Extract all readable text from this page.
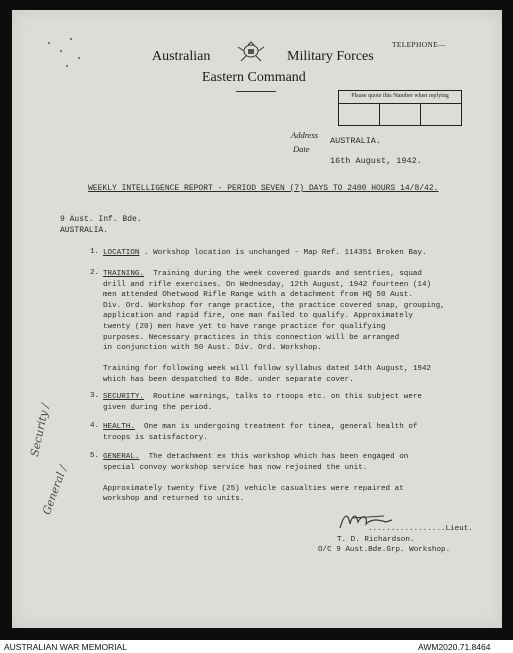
TELEPHONE—
Australian	Military Forces
Eastern Command
Please quote this Number when replying
Address
Date
AUSTRALIA.
16th August, 1942.
WEEKLY INTELLIGENCE REPORT - PERIOD SEVEN (7) DAYS TO 2400 HOURS 14/8/42.
9 Aust. Inf. Bde.
AUSTRALIA.
1. LOCATION . Workshop location is unchanged - Map Ref. 114351 Broken Bay.
2. TRAINING.  Training during the week covered guards and sentries, squad
drill and rifle exercises. On Wednesday, 12th August, 1942 fourteen (14)
men attended Ohetwood Rifle Range with a detachment from HQ 50 Aust.
Div. Ord. Workshop for range practice, the practice covered snap, grouping,
application and rapid fire, one man failed to qualify. Approximately
twenty (20) men have yet to have range practice for qualifying
purposes. Necessary practices in this connection will be arranged
in conjunction with 50 Aust. Div. Ord. Workshop.

Training for following week will follow syllabus dated 14th August, 1942
which has been despatched to Bde. under separate cover.
3. SECURITY.  Routine warnings, talks to rtoops etc. on this subject were
given during the period.
4. HEALTH.  One man is undergoing treatment for tinea, general health of
troops is satisfactory.
5. GENERAL.  The detachment ex this workshop which has been engaged on
special convoy workshop service has now rejoined the unit.

Approximately twenty five (25) vehicle casualties were repaired at
workshop and returned to units.
Security /
General /
.................Lieut.
T. D. Richardson.
O/C 9 Aust.Bde.Grp. Workshop.
AUSTRALIAN WAR MEMORIAL	AWM2020.71.8464
